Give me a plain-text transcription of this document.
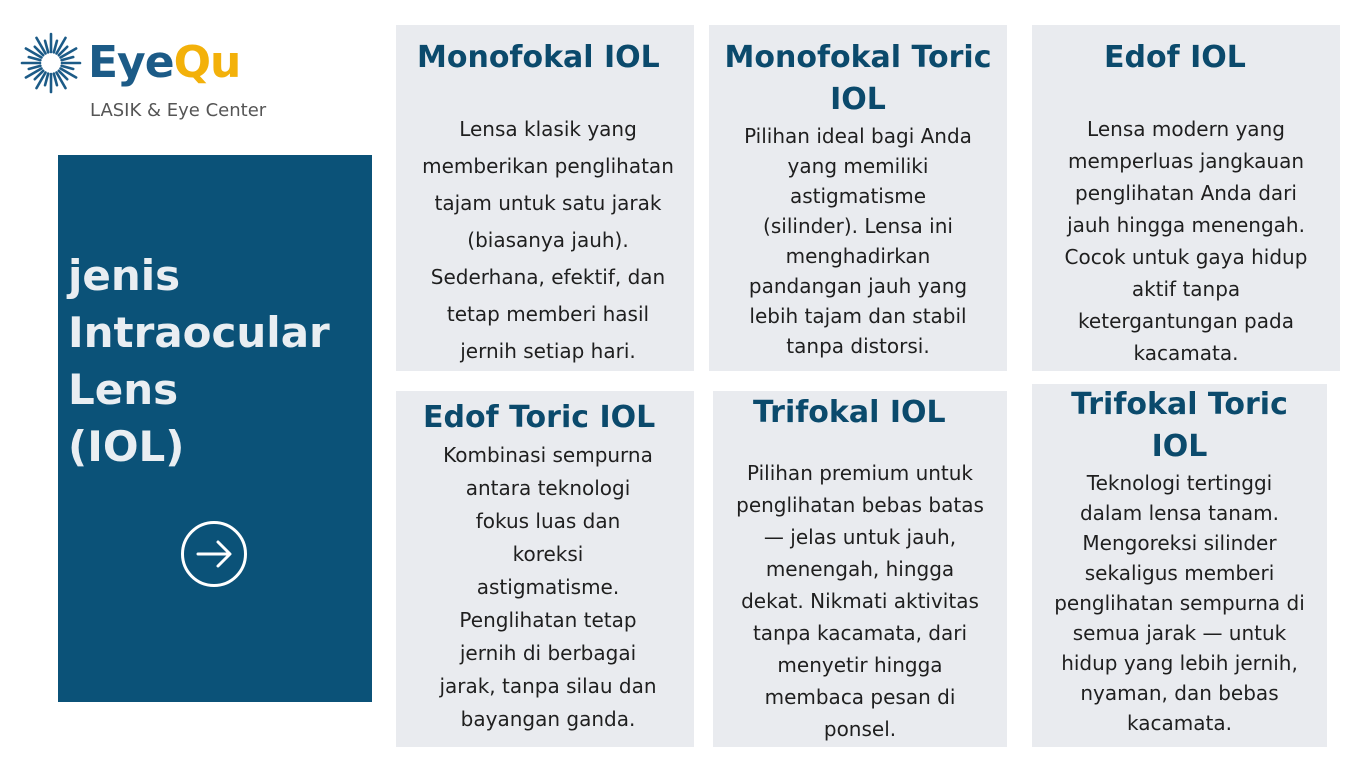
EyeQu
LASIK & Eye Center
jenis
Intraocular
Lens
(IOL)
Monofokal IOL

Lensa klasik yang
memberikan penglihatan
tajam untuk satu jarak
(biasanya jauh).
Sederhana, efektif, dan
tetap memberi hasil
jernih setiap hari.

Monofokal Toric
IOL

Pilihan ideal bagi Anda
yang memiliki
astigmatisme
(silinder). Lensa ini
menghadirkan
pandangan jauh yang
lebih tajam dan stabil
tanpa distorsi.

Edof IOL

Lensa modern yang
memperluas jangkauan
penglihatan Anda dari
jauh hingga menengah.
Cocok untuk gaya hidup
aktif tanpa
ketergantungan pada
kacamata.

Edof Toric IOL

Kombinasi sempurna
antara teknologi
fokus luas dan
koreksi
astigmatisme.
Penglihatan tetap
jernih di berbagai
jarak, tanpa silau dan
bayangan ganda.

Trifokal IOL

Pilihan premium untuk
penglihatan bebas batas
— jelas untuk jauh,
menengah, hingga
dekat. Nikmati aktivitas
tanpa kacamata, dari
menyetir hingga
membaca pesan di
ponsel.

Trifokal Toric
IOL

Teknologi tertinggi
dalam lensa tanam.
Mengoreksi silinder
sekaligus memberi
penglihatan sempurna di
semua jarak — untuk
hidup yang lebih jernih,
nyaman, dan bebas
kacamata.
